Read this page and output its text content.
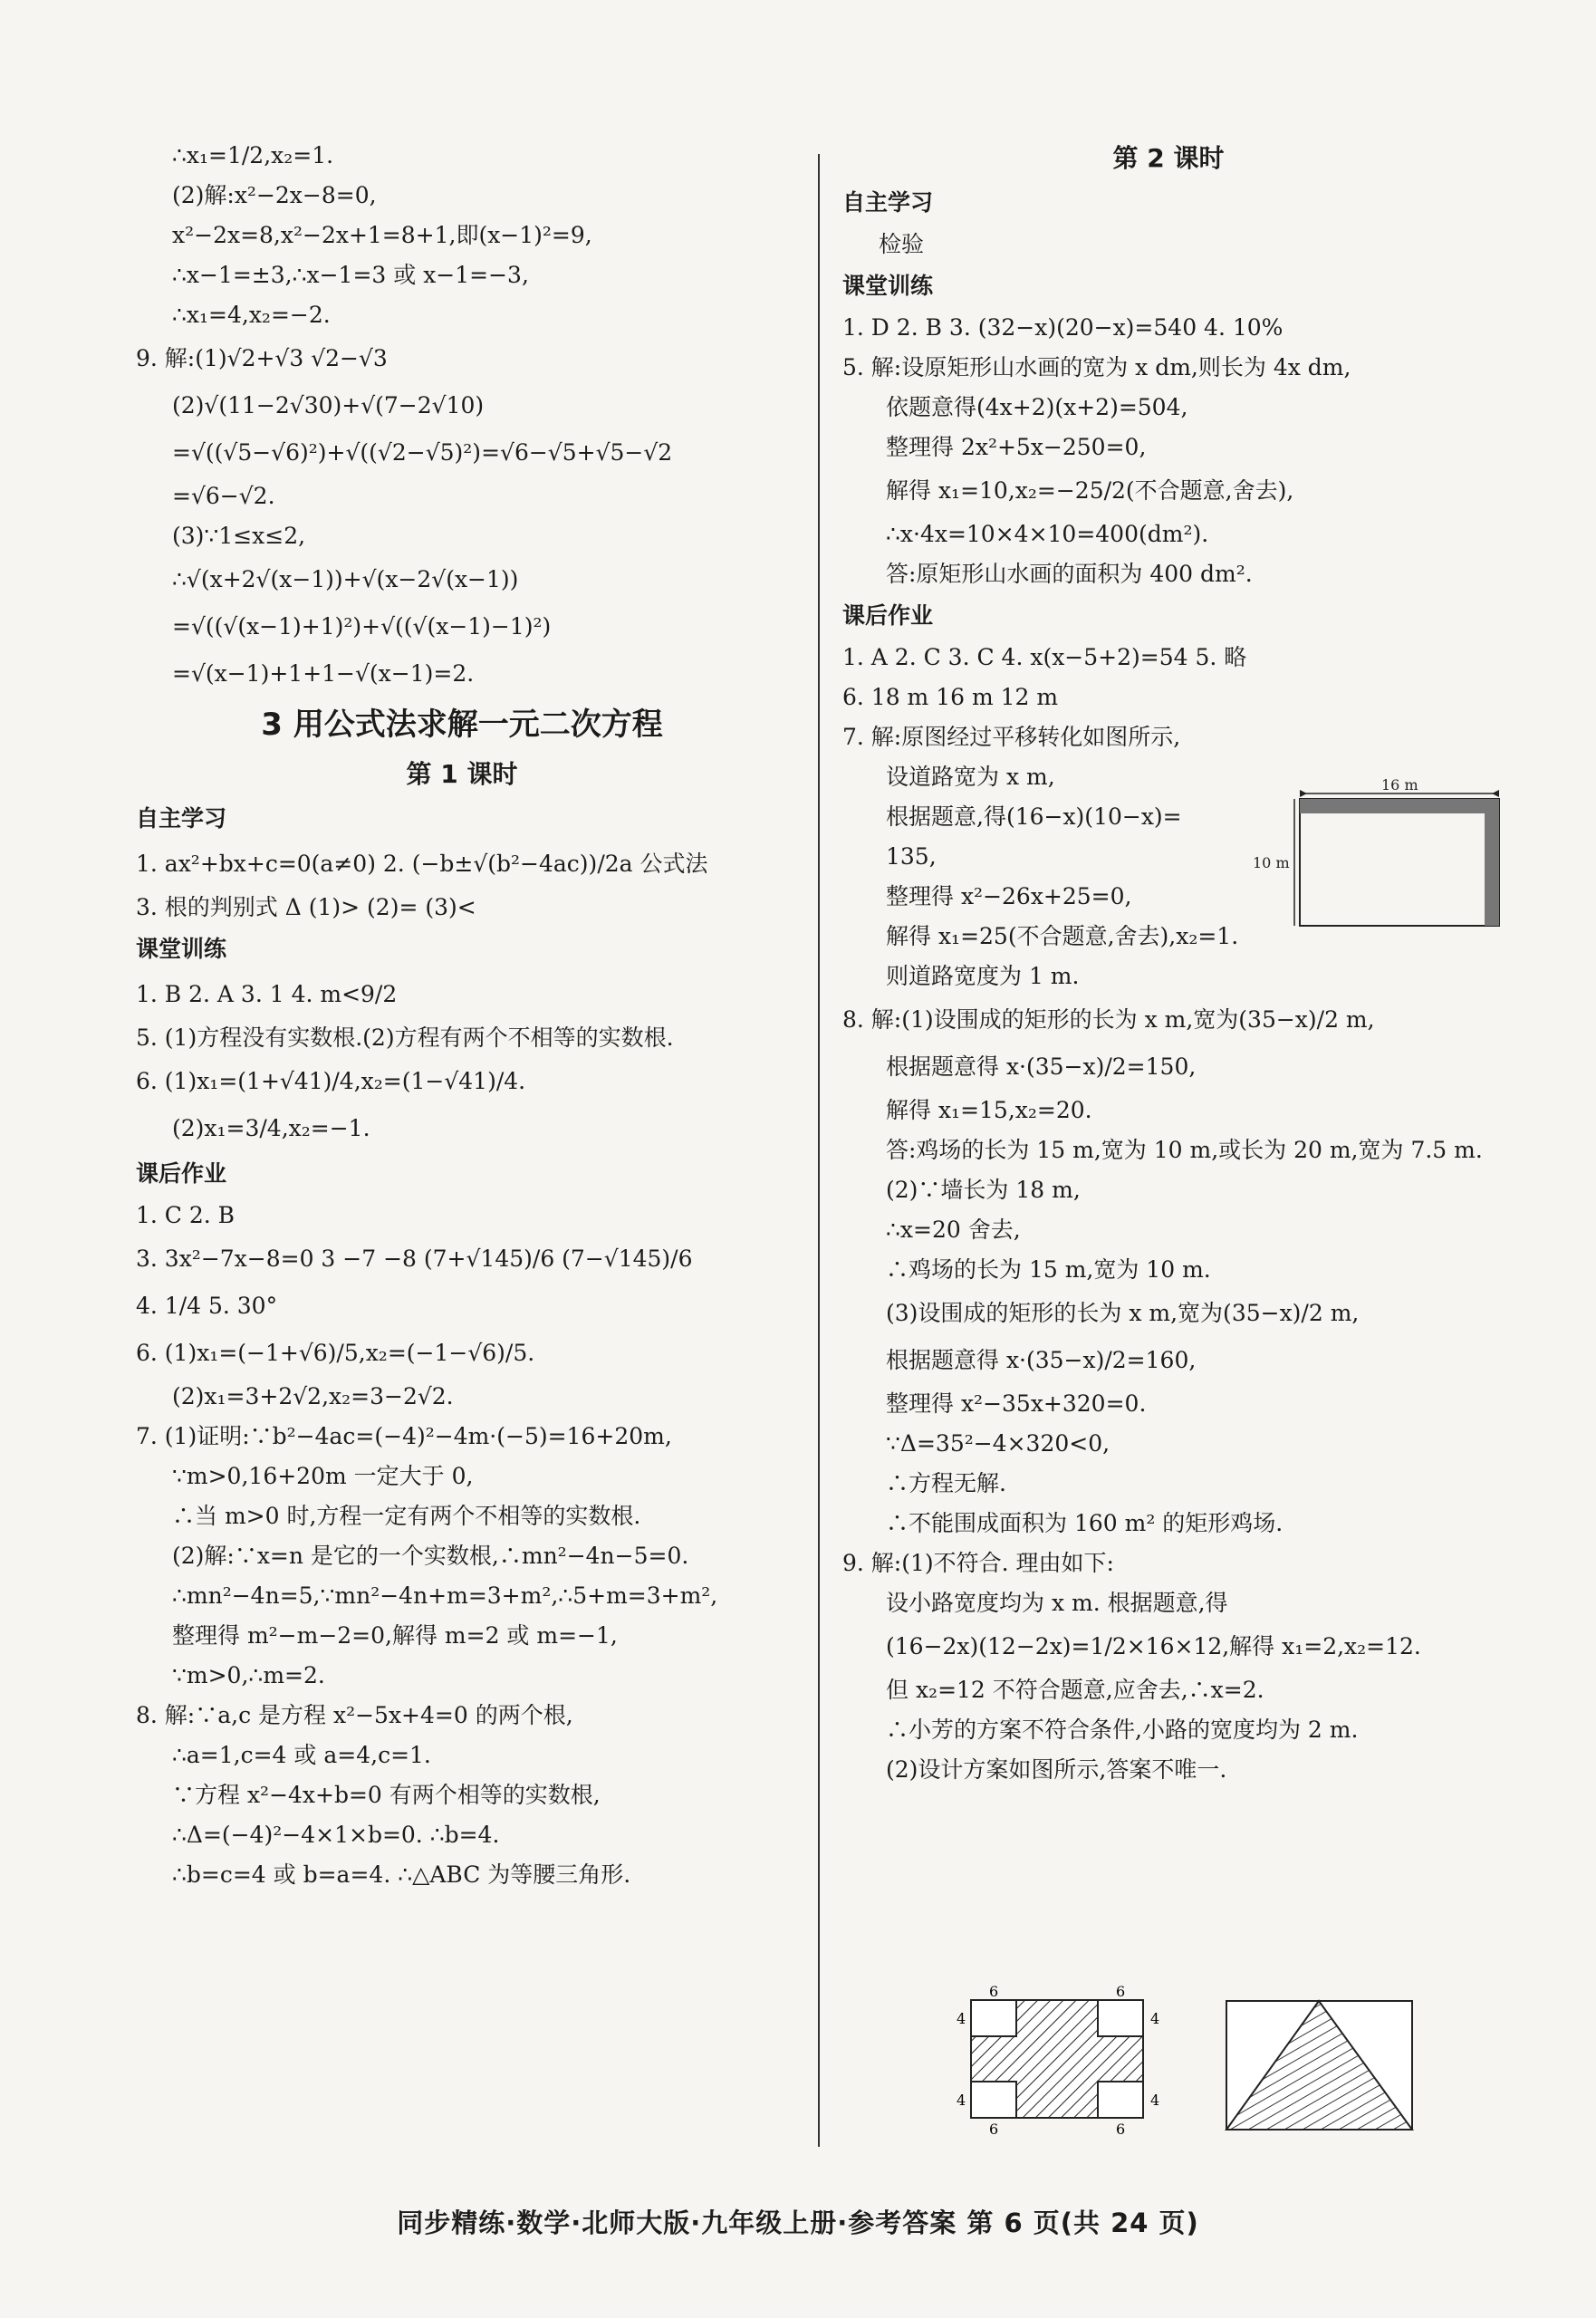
∴x₁=1/2,x₂=1.
(2)解:x²−2x−8=0,
x²−2x=8,x²−2x+1=8+1,即(x−1)²=9,
∴x−1=±3,∴x−1=3 或 x−1=−3,
∴x₁=4,x₂=−2.
9. 解:(1)√2+√3 √2−√3
(2)√(11−2√30)+√(7−2√10)
=√((√5−√6)²)+√((√2−√5)²)=√6−√5+√5−√2
=√6−√2.
(3)∵1≤x≤2,
∴√(x+2√(x−1))+√(x−2√(x−1))
=√((√(x−1)+1)²)+√((√(x−1)−1)²)
=√(x−1)+1+1−√(x−1)=2.
3 用公式法求解一元二次方程
第 1 课时
自主学习
1. ax²+bx+c=0(a≠0) 2. (−b±√(b²−4ac))/2a 公式法
3. 根的判别式 Δ (1)> (2)= (3)<
课堂训练
1. B 2. A 3. 1 4. m<9/2
5. (1)方程没有实数根.(2)方程有两个不相等的实数根.
6. (1)x₁=(1+√41)/4,x₂=(1−√41)/4.
(2)x₁=3/4,x₂=−1.
课后作业
1. C 2. B
3. 3x²−7x−8=0 3 −7 −8 (7+√145)/6 (7−√145)/6
4. 1/4 5. 30°
6. (1)x₁=(−1+√6)/5,x₂=(−1−√6)/5.
(2)x₁=3+2√2,x₂=3−2√2.
7. (1)证明:∵b²−4ac=(−4)²−4m·(−5)=16+20m,
∵m>0,16+20m 一定大于 0,
∴当 m>0 时,方程一定有两个不相等的实数根.
(2)解:∵x=n 是它的一个实数根,∴mn²−4n−5=0.
∴mn²−4n=5,∵mn²−4n+m=3+m²,∴5+m=3+m²,
整理得 m²−m−2=0,解得 m=2 或 m=−1,
∵m>0,∴m=2.
8. 解:∵a,c 是方程 x²−5x+4=0 的两个根,
∴a=1,c=4 或 a=4,c=1.
∵方程 x²−4x+b=0 有两个相等的实数根,
∴Δ=(−4)²−4×1×b=0. ∴b=4.
∴b=c=4 或 b=a=4. ∴△ABC 为等腰三角形.
第 2 课时
自主学习
检验
课堂训练
1. D 2. B 3. (32−x)(20−x)=540 4. 10%
5. 解:设原矩形山水画的宽为 x dm,则长为 4x dm,
依题意得(4x+2)(x+2)=504,
整理得 2x²+5x−250=0,
解得 x₁=10,x₂=−25/2(不合题意,舍去),
∴x·4x=10×4×10=400(dm²).
答:原矩形山水画的面积为 400 dm².
课后作业
1. A 2. C 3. C 4. x(x−5+2)=54 5. 略
6. 18 m 16 m 12 m
7. 解:原图经过平移转化如图所示,
设道路宽为 x m,
根据题意,得(16−x)(10−x)=
135,
整理得 x²−26x+25=0,
解得 x₁=25(不合题意,舍去),x₂=1.
则道路宽度为 1 m.
8. 解:(1)设围成的矩形的长为 x m,宽为(35−x)/2 m,
根据题意得 x·(35−x)/2=150,
解得 x₁=15,x₂=20.
答:鸡场的长为 15 m,宽为 10 m,或长为 20 m,宽为 7.5 m.
(2)∵墙长为 18 m,
∴x=20 舍去,
∴鸡场的长为 15 m,宽为 10 m.
(3)设围成的矩形的长为 x m,宽为(35−x)/2 m,
根据题意得 x·(35−x)/2=160,
整理得 x²−35x+320=0.
∵Δ=35²−4×320<0,
∴方程无解.
∴不能围成面积为 160 m² 的矩形鸡场.
9. 解:(1)不符合. 理由如下:
设小路宽度均为 x m. 根据题意,得
(16−2x)(12−2x)=1/2×16×12,解得 x₁=2,x₂=12.
但 x₂=12 不符合题意,应舍去,∴x=2.
∴小芳的方案不符合条件,小路的宽度均为 2 m.
(2)设计方案如图所示,答案不唯一.
16 m
10 m
6	6
6	6
4	4
4	4
同步精练·数学·北师大版·九年级上册·参考答案 第 6 页(共 24 页)
